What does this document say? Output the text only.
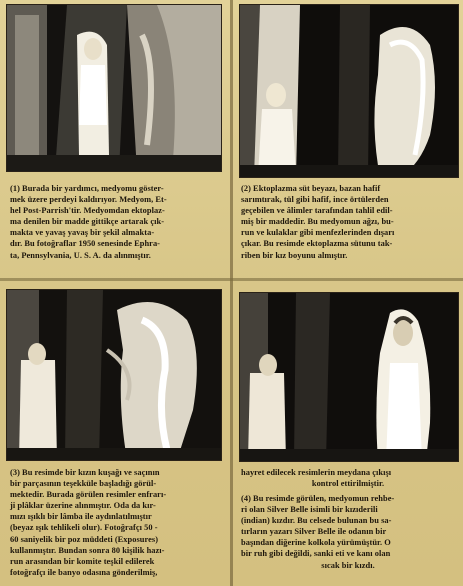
(1) Burada bir yardımcı, medyomu göster-
mek üzere perdeyi kaldırıyor. Medyom, Et-
hel Post-Parrish'tir. Medyomdan ektoplaz-
ma denilen bir madde gittikçe artarak çık-
makta ve yavaş yavaş bir şekil almakta-
dır. Bu fotoğraflar 1950 senesinde Ephra-
ta, Pennsylvania, U. S. A. da alınmıştır.

(2) Ektoplazma süt beyazı, bazan hafif
sarımtırak, tül gibi hafif, ince örtülerden
geçebilen ve âlimler tarafından tahlil edil-
miş bir maddedir. Bu medyomun ağzı, bu-
run ve kulaklar gibi menfezlerinden dışarı
çıkar. Bu resimde ektoplazma sütunu tak-
riben bir kız boyunu almıştır.

(3) Bu resimde bir kızın kuşağı ve saçının
bir parçasının teşekküle başladığı görül-
mektedir. Burada görülen resimler enfrarı-
ji plâklar üzerine alınmıştır. Oda da kır-
mızı ışıklı bir lâmba ile aydınlatılmıştır
(beyaz ışık tehlikeli olur). Fotoğrafçı 50 -
60 saniyelik bir poz müddeti (Exposures)
kullanmıştır. Bundan sonra 80 kişilik hazı-
run arasından bir komite teşkil edilerek
fotoğrafçı ile banyo odasına gönderilmiş,

hayret edilecek resimlerin meydana çıkışı
kontrol ettirilmiştir.

(4) Bu resimde görülen, medyomun rehbe-
ri olan Silver Belle isimli bir kızıderili
(indian) kızdır. Bu celsede bulunan bu sa-
tırların yazarı Silver Belle ile odanın bir
başından diğerine kolkola yürümüştür. O
bir ruh gibi değildi, sanki eti ve kanı olan
sıcak bir kızdı.
